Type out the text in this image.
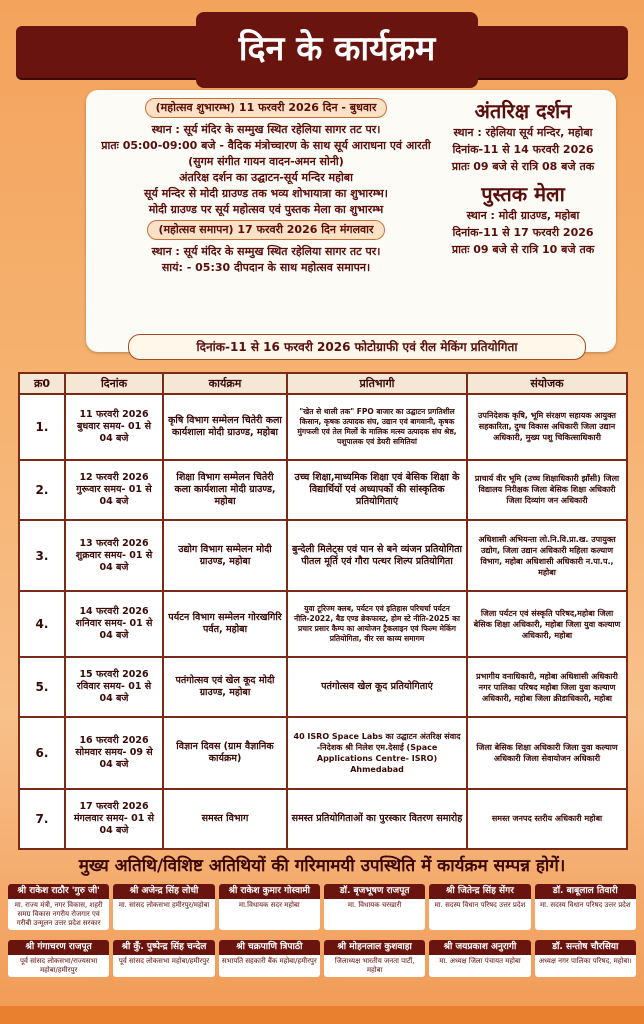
दिन के कार्यक्रम
(महोत्सव शुभारम्भ) 11 फरवरी 2026 दिन - बुधवार
स्थान : सूर्य मंदिर के सम्मुख स्थित रहेलिया सागर तट पर।
प्रातः 05:00-09:00 बजे - वैदिक मंत्रोच्चारण के साथ सूर्य आराधना एवं आरती
(सुगम संगीत गायन वादन-अमन सोनी)
अंतरिक्ष दर्शन का उद्घाटन-सूर्य मन्दिर महोबा
सूर्य मन्दिर से मोदी ग्राउण्ड तक भव्य शोभायात्रा का शुभारम्भ।
मोदी ग्राउण्ड पर सूर्य महोत्सव एवं पुस्तक मेला का शुभारम्भ
(महोत्सव समापन) 17 फरवरी 2026 दिन मंगलवार
स्थान : सूर्य मंदिर के सम्मुख स्थित रहेलिया सागर तट पर।
सायं: - 05:30 दीपदान के साथ महोत्सव समापन।
अंतरिक्ष दर्शन
स्थान : रहेलिया सूर्य मन्दिर, महोबा
दिनांक-11 से 14 फरवरी 2026
प्रातः 09 बजे से रात्रि 08 बजे तक
पुस्तक मेला
स्थान : मोदी ग्राउण्ड, महोबा
दिनांक-11 से 17 फरवरी 2026
प्रातः 09 बजे से रात्रि 10 बजे तक
दिनांक-11 से 16 फरवरी 2026 फोटोग्राफी एवं रील मेकिंग प्रतियोगिता
क्र0	दिनांक	कार्यक्रम	प्रतिभागी	संयोजक
1.	11 फरवरी 2026 बुधवार समय- 01 से 04 बजे	कृषि विभाग सम्मेलन चितेरी कला कार्यशाला मोदी ग्राउण्ड, महोबा	"खेत से थाली तक" FPO बाजार का उद्घाटन प्रगतिशील किसान, कृषक उत्पादक संघ, उद्यान एवं बागवानी, कृषक मुंगफली एवं तेल मिलों के मालिक मत्स्य उत्पादक संघ श्रेष्ठ, पशुपालक एवं डेयरी समितियां	उपनिदेशक कृषि, भूमि संरक्षण सहायक आयुक्त सहकारिता, दुग्ध विकास अधिकारी जिला उद्यान अधिकारी, मुख्य पशु चिकित्साधिकारी
2.	12 फरवरी 2026 गुरूवार समय- 01 से 04 बजे	शिक्षा विभाग सम्मेलन चितेरी कला कार्यशाला मोदी ग्राउण्ड, महोबा	उच्च शिक्षा,माध्यमिक शिक्षा एवं बेसिक शिक्षा के विद्यार्थियों एवं अध्यापकों की सांस्कृतिक प्रतियोगिताएं	प्राचार्य वीर भूमि (उच्च शिक्षाधिकारी झाँसी) जिला विद्यालय निरीक्षक जिला बेसिक शिक्षा अधिकारी जिला दिव्यांग जन अधिकारी
3.	13 फरवरी 2026 शुक्रवार समय- 01 से 04 बजे	उद्योग विभाग सम्मेलन मोदी ग्राउण्ड, महोबा	बुन्देली मिलेट्स एवं पान से बने व्यंजन प्रतियोगिता पीतल मूर्ति एवं गौरा पत्थर शिल्प प्रतियोगिता	अधिशासी अभियन्ता लो.नि.वि.प्रा.ख. उपायुक्त उद्योग, जिला उद्यान अधिकारी महिला कल्याण विभाग, महोबा अधिशासी अधिकारी न.पा.प., महोबा
4.	14 फरवरी 2026 शनिवार समय- 01 से 04 बजे	पर्यटन विभाग सम्मेलन गोरखगिरि पर्वत, महोबा	युवा टूरिज्म क्लब, पर्यटन एवं इतिहास परिचर्चा पर्यटन नीति-2022, बैड एण्ड ब्रेकफास्ट, होम स्टे नीति-2025 का प्रचार प्रसार कैम्प का आयोजन ट्रैकलाइन एवं फिल्म मेकिंग प्रतियोगिता, वीर रस काव्य समागम	जिला पर्यटन एवं संस्कृति परिषद,महोबा जिला बेसिक शिक्षा अधिकारी, महोबा जिला युवा कल्याण अधिकारी, महोबा
5.	15 फरवरी 2026 रविवार समय- 01 से 04 बजे	पतंगोत्सव एवं खेल कूद मोदी ग्राउण्ड, महोबा	पतंगोत्सव खेल कूद प्रतियोगिताएं	प्रभागीय वनाधिकारी, महोबा अधिशासी अधिकारी नगर पालिका परिषद महोबा जिला युवा कल्याण अधिकारी, महोबा जिला क्रीडाधिकारी, महोबा
6.	16 फरवरी 2026 सोमवार समय- 09 से 04 बजे	विज्ञान दिवस (ग्राम वैज्ञानिक कार्यक्रम)	40 ISRO Space Labs का उद्घाटन अंतरिक्ष संवाद -निदेशक श्री निलेश एम.देसाई (Space Applications Centre- ISRO) Ahmedabad	जिला बेसिक शिक्षा अधिकारी जिला युवा कल्याण अधिकारी जिला सेवायोजन अधिकारी
7.	17 फरवरी 2026 मंगलवार समय- 01 से 04 बजे	समस्त विभाग	समस्त प्रतियोगिताओं का पुरस्कार वितरण समारोह	समस्त जनपद स्तरीय अधिकारी महोबा
मुख्य अतिथि/विशिष्ट अतिथियों की गरिमामयी उपस्थिति में कार्यक्रम सम्पन्न होगें।
श्री राकेश राठौर 'गुरु जी'
मा. राज्य मंत्री, नगर विकास, शहरी समग्र विकास नगरीय रोजगार एवं गरीबी उन्मूलन उत्तर प्रदेश सरकार
श्री अजेन्द्र सिंह लोधी
मा. सांसद लोकसभा हमीरपुर/महोबा
श्री राकेश कुमार गोस्वामी
मा.विधायक सदर महोबा
डॉ. बृजभूषण राजपूत
मा. विधायक चरखारी
श्री जितेन्द्र सिंह सेंगर
मा. सदस्य विधान परिषद उत्तर प्रदेश
डॉ. बाबूलाल तिवारी
मा. सदस्य विधान परिषद उत्तर प्रदेश
श्री गंगाचरण राजपूत
पूर्व सांसद लोकसभा/राज्यसभा महोबा/हमीरपुर
श्री कुँ. पुष्पेन्द्र सिंह चन्देल
पूर्व सांसद लोकसभा महोबा/हमीरपुर
श्री चक्रपाणि त्रिपाठी
सभापति सहकारी बैंक महोबा/हमीरपुर
श्री मोहनलाल कुशवाहा
जिलाध्यक्ष भारतीय जनता पार्टी, महोबा
श्री जयप्रकाश अनुरागी
मा. अध्यक्ष जिला पंचायत महोबा
डॉ. सन्तोष चौरसिया
अध्यक्ष नगर पालिका परिषद, महोबा।
